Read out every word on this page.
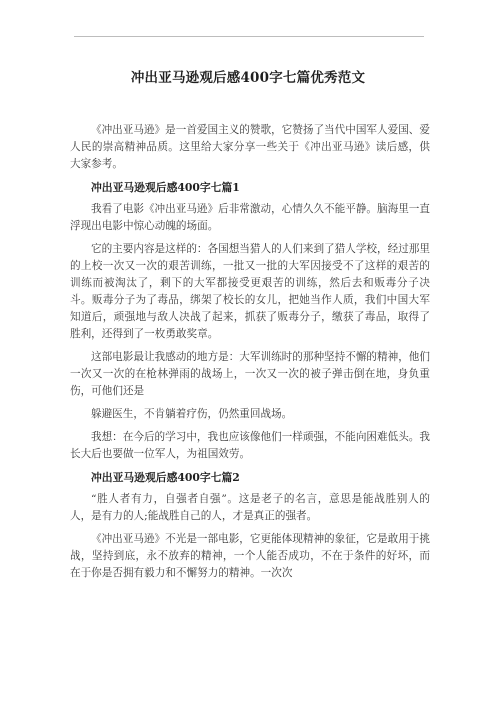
冲出亚马逊观后感400字七篇优秀范文

《冲出亚马逊》是一首爱国主义的赞歌，它赞扬了当代中国军人爱国、爱人民的崇高精神品质。这里给大家分享一些关于《冲出亚马逊》读后感，供大家参考。

冲出亚马逊观后感400字七篇1

我看了电影《冲出亚马逊》后非常激动，心情久久不能平静。脑海里一直浮现出电影中惊心动魄的场面。

它的主要内容是这样的：各国想当猎人的人们来到了猎人学校，经过那里的上校一次又一次的艰苦训练，一批又一批的大军因接受不了这样的艰苦的训练而被淘汰了，剩下的大军都接受更艰苦的训练，然后去和贩毒分子决斗。贩毒分子为了毒品，绑架了校长的女儿，把她当作人质，我们中国大军知道后，顽强地与敌人决战了起来，抓获了贩毒分子，缴获了毒品，取得了胜利，还得到了一枚勇敢奖章。

这部电影最让我感动的地方是：大军训练时的那种坚持不懈的精神，他们一次又一次的在枪林弹雨的战场上，一次又一次的被子弹击倒在地，身负重伤，可他们还是

躲避医生，不肯躺着疗伤，仍然重回战场。

我想：在今后的学习中，我也应该像他们一样顽强，不能向困难低头。我长大后也要做一位军人，为祖国效劳。

冲出亚马逊观后感400字七篇2

“胜人者有力，自强者自强”。这是老子的名言，意思是能战胜别人的人，是有力的人;能战胜自己的人，才是真正的强者。

《冲出亚马逊》不光是一部电影，它更能体现精神的象征，它是敢用于挑战，坚持到底，永不放弃的精神，一个人能否成功，不在于条件的好坏，而在于你是否拥有毅力和不懈努力的精神。一次次
